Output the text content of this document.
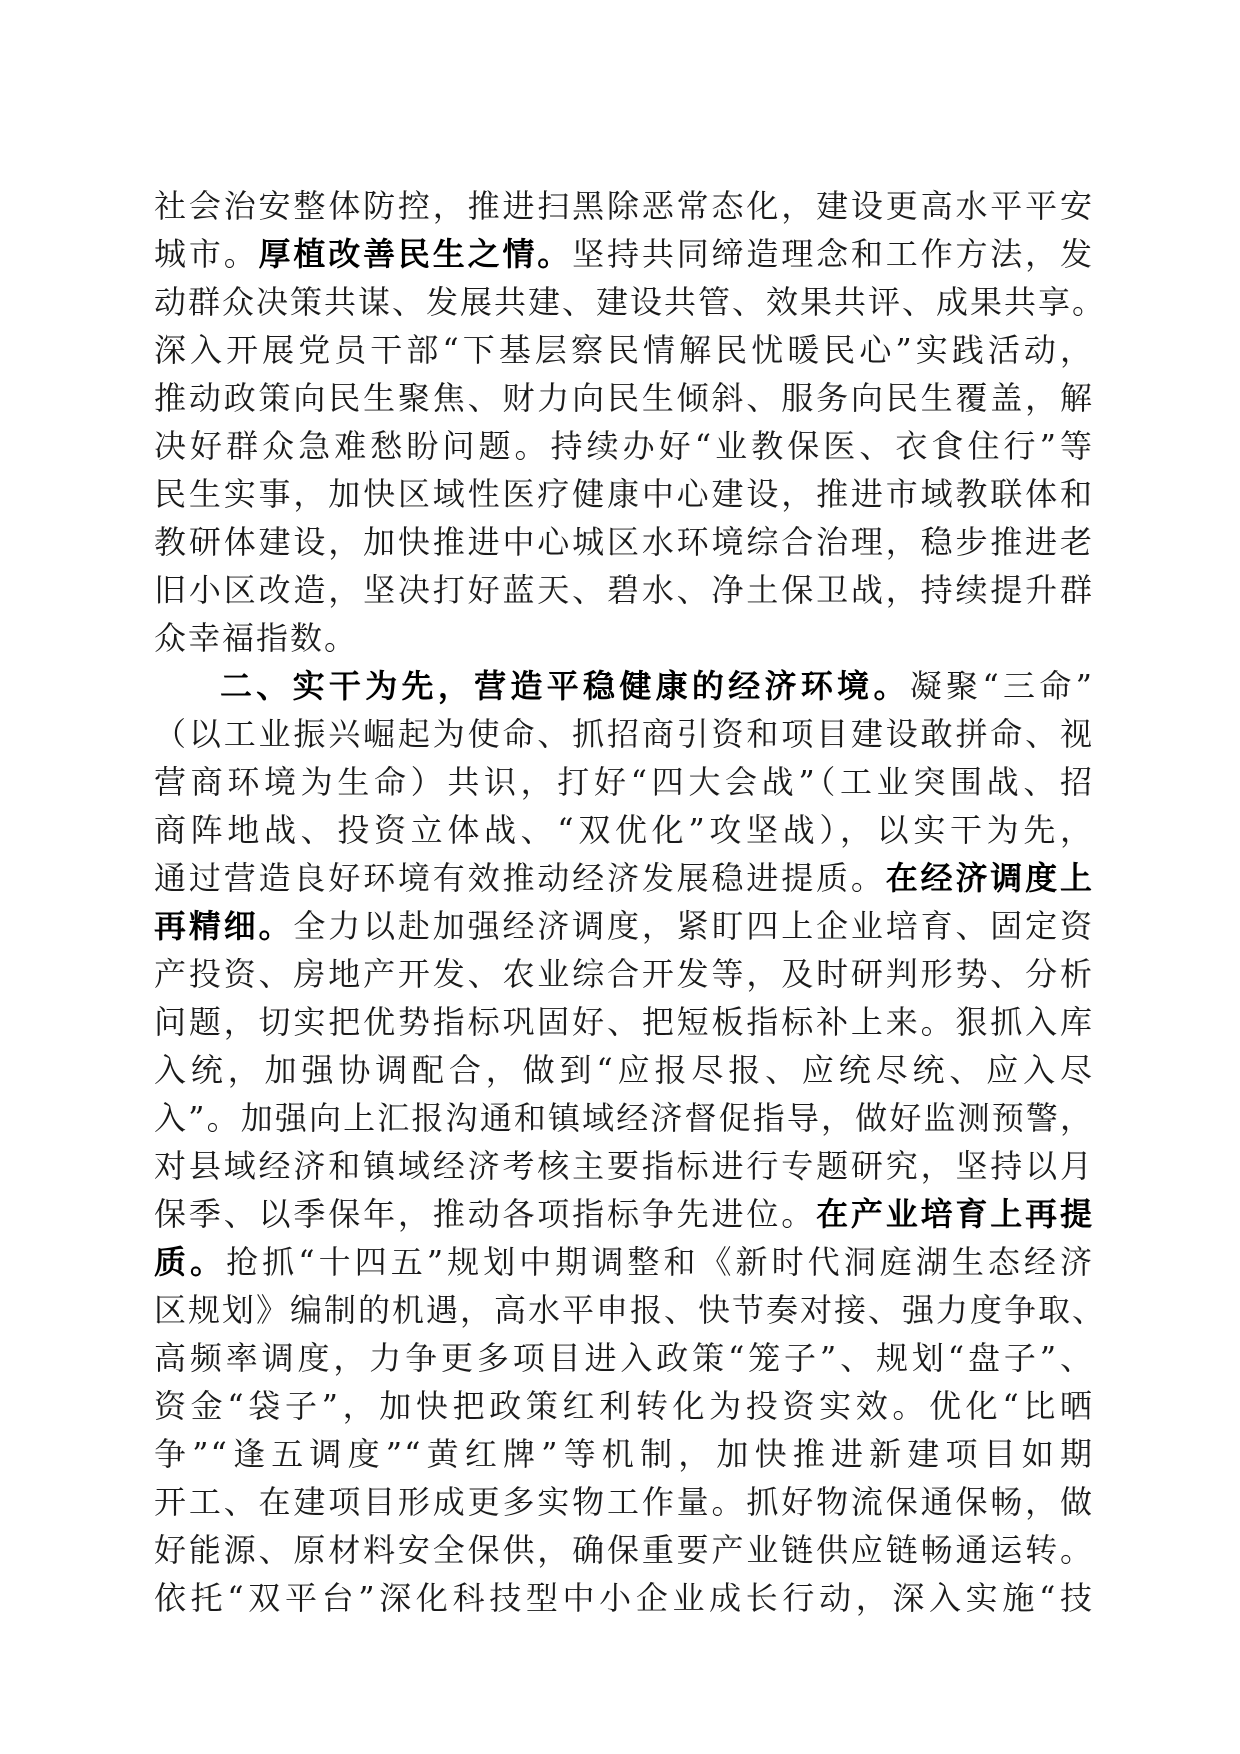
社会治安整体防控，推进扫黑除恶常态化，建设更高水平平安
城市。厚植改善民生之情。坚持共同缔造理念和工作方法，发
动群众决策共谋、发展共建、建设共管、效果共评、成果共享。
深入开展党员干部“下基层察民情解民忧暖民心”实践活动，
推动政策向民生聚焦、财力向民生倾斜、服务向民生覆盖，解
决好群众急难愁盼问题。持续办好“业教保医、衣食住行”等
民生实事，加快区域性医疗健康中心建设，推进市域教联体和
教研体建设，加快推进中心城区水环境综合治理，稳步推进老
旧小区改造，坚决打好蓝天、碧水、净土保卫战，持续提升群
众幸福指数。
二、实干为先，营造平稳健康的经济环境。凝聚“三命”
（以工业振兴崛起为使命、抓招商引资和项目建设敢拼命、视
营商环境为生命）共识，打好“四大会战”（工业突围战、招
商阵地战、投资立体战、“双优化”攻坚战），以实干为先，
通过营造良好环境有效推动经济发展稳进提质。在经济调度上
再精细。全力以赴加强经济调度，紧盯四上企业培育、固定资
产投资、房地产开发、农业综合开发等，及时研判形势、分析
问题，切实把优势指标巩固好、把短板指标补上来。狠抓入库
入统，加强协调配合，做到“应报尽报、应统尽统、应入尽
入”。加强向上汇报沟通和镇域经济督促指导，做好监测预警，
对县域经济和镇域经济考核主要指标进行专题研究，坚持以月
保季、以季保年，推动各项指标争先进位。在产业培育上再提
质。抢抓“十四五”规划中期调整和《新时代洞庭湖生态经济
区规划》编制的机遇，高水平申报、快节奏对接、强力度争取、
高频率调度，力争更多项目进入政策“笼子”、规划“盘子”、
资金“袋子”，加快把政策红利转化为投资实效。优化“比晒
争”“逢五调度”“黄红牌”等机制，加快推进新建项目如期
开工、在建项目形成更多实物工作量。抓好物流保通保畅，做
好能源、原材料安全保供，确保重要产业链供应链畅通运转。
依托“双平台”深化科技型中小企业成长行动，深入实施“技
